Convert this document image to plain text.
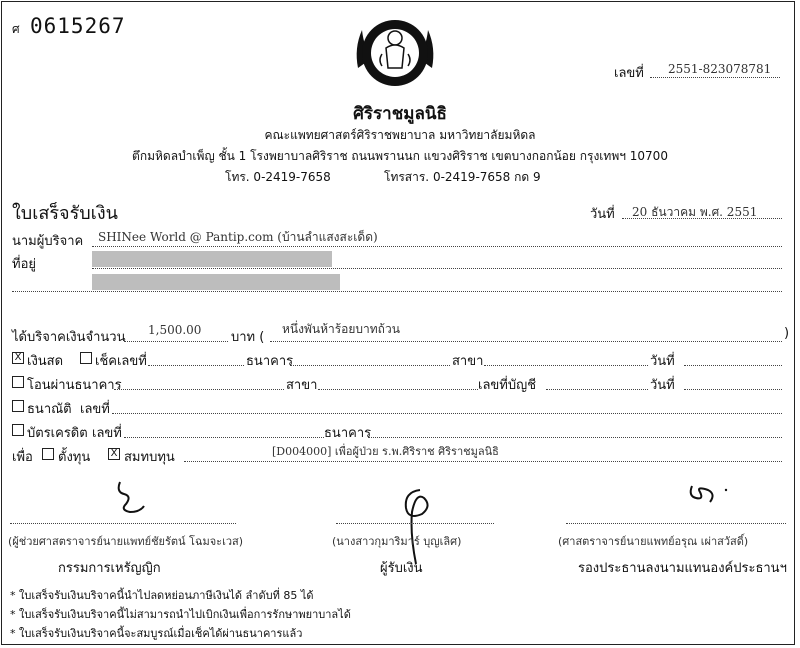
ศ 0615267
เลขที่ 2551-823078781
ศิริราชมูลนิธิ
คณะแพทยศาสตร์ศิริราชพยาบาล มหาวิทยาลัยมหิดล
ตึกมหิดลบำเพ็ญ ชั้น 1 โรงพยาบาลศิริราช ถนนพรานนก แขวงศิริราช เขตบางกอกน้อย กรุงเทพฯ 10700
โทร. 0-2419-7658	โทรสาร. 0-2419-7658 กด 9
ใบเสร็จรับเงิน	วันที่ 20 ธันวาคม พ.ศ. 2551
นามผู้บริจาค SHINee World @ Pantip.com (บ้านลำแสงสะเด็ด)
ที่อยู่
ได้บริจาคเงินจำนวน 1,500.00 บาท (
หนึ่งพันห้าร้อยบาทถ้วน	)
X เงินสด เช็คเลขที่	ธนาคาร	สาขา	วันที่
โอนผ่านธนาคาร	สาขา	เลขที่บัญชี	วันที่
ธนาณัติ เลขที่
บัตรเครดิต เลขที่	ธนาคาร
เพื่อ ตั้งทุน X สมทบทุน	[D004000] เพื่อผู้ป่วย ร.พ.ศิริราช ศิริราชมูลนิธิ
(ผู้ช่วยศาสตราจารย์นายแพทย์ชัยรัตน์ โฉมจะเวส)	(นางสาวกุมาริมาร์ บุญเลิศ)	(ศาสตราจารย์นายแพทย์อรุณ เผ่าสวัสดิ์)
กรรมการเหรัญญิก	ผู้รับเงิน	รองประธานลงนามแทนองค์ประธานฯ
* ใบเสร็จรับเงินบริจาคนี้นำไปลดหย่อนภาษีเงินได้ ลำดับที่ 85 ได้
* ใบเสร็จรับเงินบริจาคนี้ไม่สามารถนำไปเบิกเงินเพื่อการรักษาพยาบาลได้
* ใบเสร็จรับเงินบริจาคนี้จะสมบูรณ์เมื่อเช็คได้ผ่านธนาคารแล้ว
